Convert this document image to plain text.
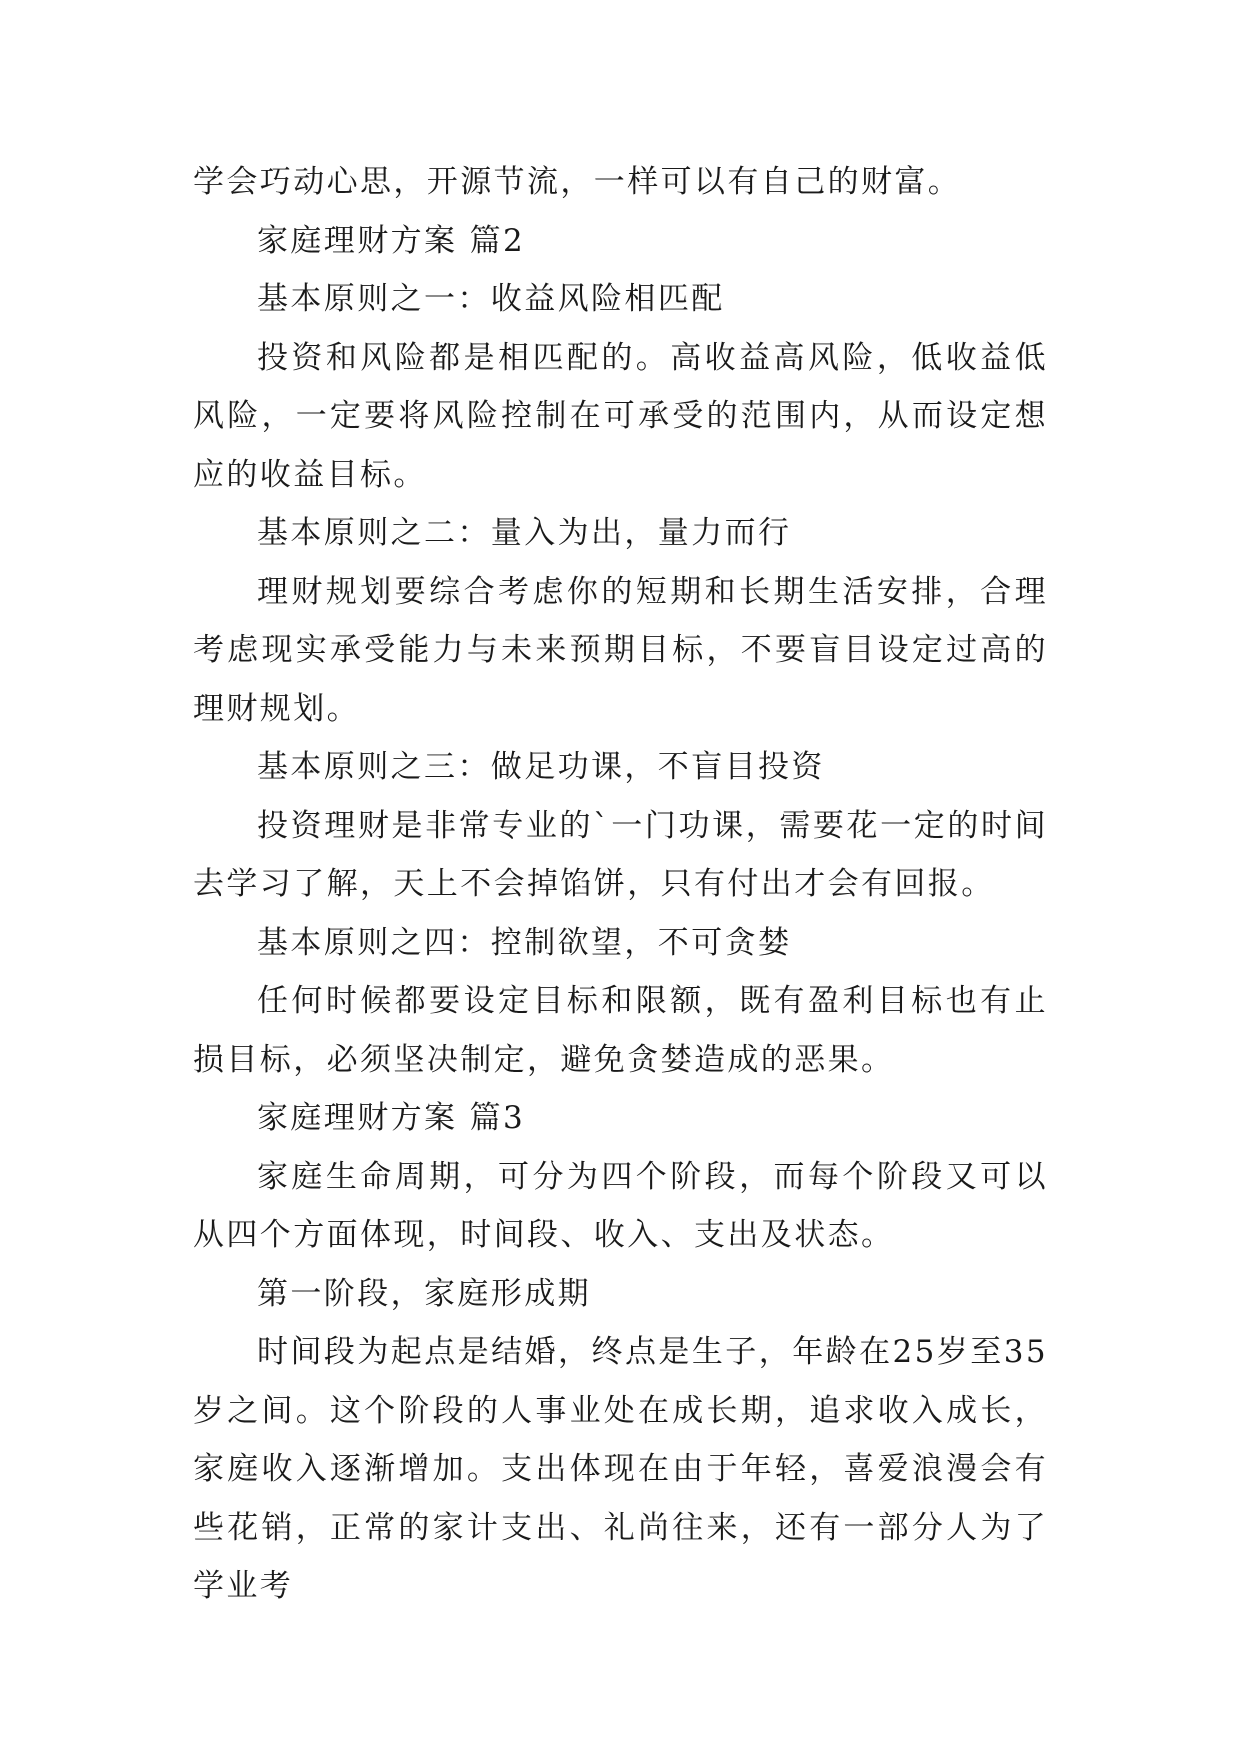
学会巧动心思，开源节流，一样可以有自己的财富。

家庭理财方案 篇2

基本原则之一：收益风险相匹配

投资和风险都是相匹配的。高收益高风险，低收益低风险，一定要将风险控制在可承受的范围内，从而设定想应的收益目标。

基本原则之二：量入为出，量力而行

理财规划要综合考虑你的短期和长期生活安排，合理考虑现实承受能力与未来预期目标，不要盲目设定过高的理财规划。

基本原则之三：做足功课，不盲目投资

投资理财是非常专业的`一门功课，需要花一定的时间去学习了解，天上不会掉馅饼，只有付出才会有回报。

基本原则之四：控制欲望，不可贪婪

任何时候都要设定目标和限额，既有盈利目标也有止损目标，必须坚决制定，避免贪婪造成的恶果。

家庭理财方案 篇3

家庭生命周期，可分为四个阶段，而每个阶段又可以从四个方面体现，时间段、收入、支出及状态。

第一阶段，家庭形成期

时间段为起点是结婚，终点是生子，年龄在25岁至35岁之间。这个阶段的人事业处在成长期，追求收入成长，家庭收入逐渐增加。支出体现在由于年轻，喜爱浪漫会有些花销，正常的家计支出、礼尚往来，还有一部分人为了学业考
